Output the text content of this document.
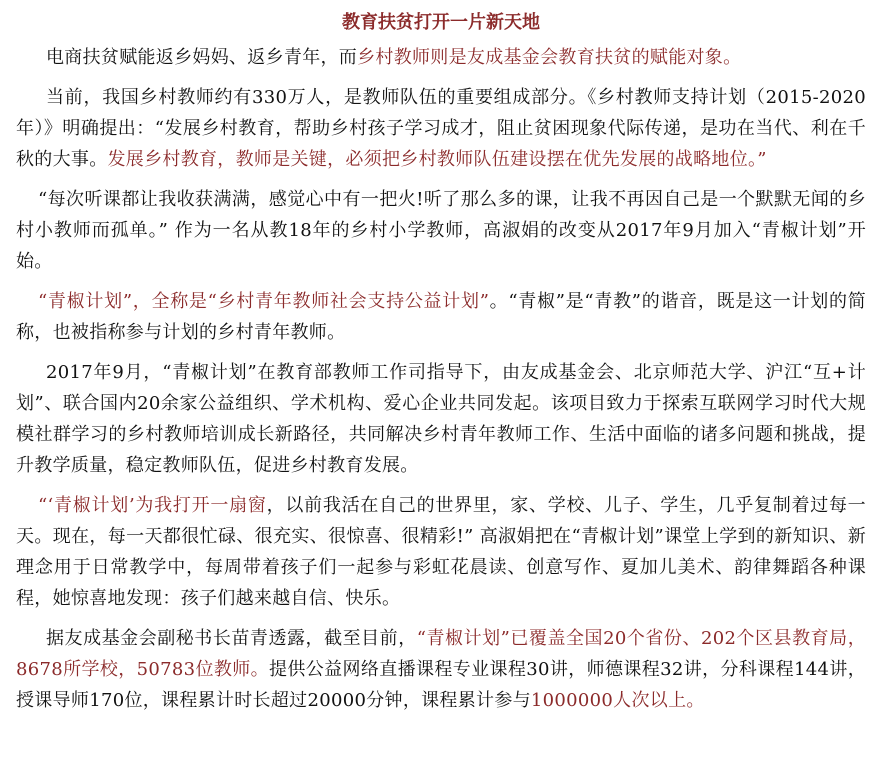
教育扶贫打开一片新天地
电商扶贫赋能返乡妈妈、返乡青年，而乡村教师则是友成基金会教育扶贫的赋能对象。
当前，我国乡村教师约有330万人，是教师队伍的重要组成部分。《乡村教师支持计划（2015-2020年）》明确提出：“发展乡村教育，帮助乡村孩子学习成才，阻止贫困现象代际传递，是功在当代、利在千秋的大事。发展乡村教育，教师是关键，必须把乡村教师队伍建设摆在优先发展的战略地位。”
“每次听课都让我收获满满，感觉心中有一把火!听了那么多的课，让我不再因自己是一个默默无闻的乡村小教师而孤单。” 作为一名从教18年的乡村小学教师，高淑娟的改变从2017年9月加入“青椒计划”开始。
“青椒计划”，全称是“乡村青年教师社会支持公益计划”。“青椒”是“青教”的谐音，既是这一计划的简称，也被指称参与计划的乡村青年教师。
2017年9月，“青椒计划”在教育部教师工作司指导下，由友成基金会、北京师范大学、沪江“互+计划”、联合国内20余家公益组织、学术机构、爱心企业共同发起。该项目致力于探索互联网学习时代大规模社群学习的乡村教师培训成长新路径，共同解决乡村青年教师工作、生活中面临的诸多问题和挑战，提升教学质量，稳定教师队伍，促进乡村教育发展。
“‘青椒计划’为我打开一扇窗，以前我活在自己的世界里，家、学校、儿子、学生，几乎复制着过每一天。现在，每一天都很忙碌、很充实、很惊喜、很精彩!” 高淑娟把在“青椒计划”课堂上学到的新知识、新理念用于日常教学中，每周带着孩子们一起参与彩虹花晨读、创意写作、夏加儿美术、韵律舞蹈各种课程，她惊喜地发现：孩子们越来越自信、快乐。
据友成基金会副秘书长苗青透露，截至目前，“青椒计划”已覆盖全国20个省份、202个区县教育局，8678所学校，50783位教师。提供公益网络直播课程专业课程30讲，师德课程32讲，分科课程144讲，授课导师170位，课程累计时长超过20000分钟，课程累计参与1000000人次以上。
